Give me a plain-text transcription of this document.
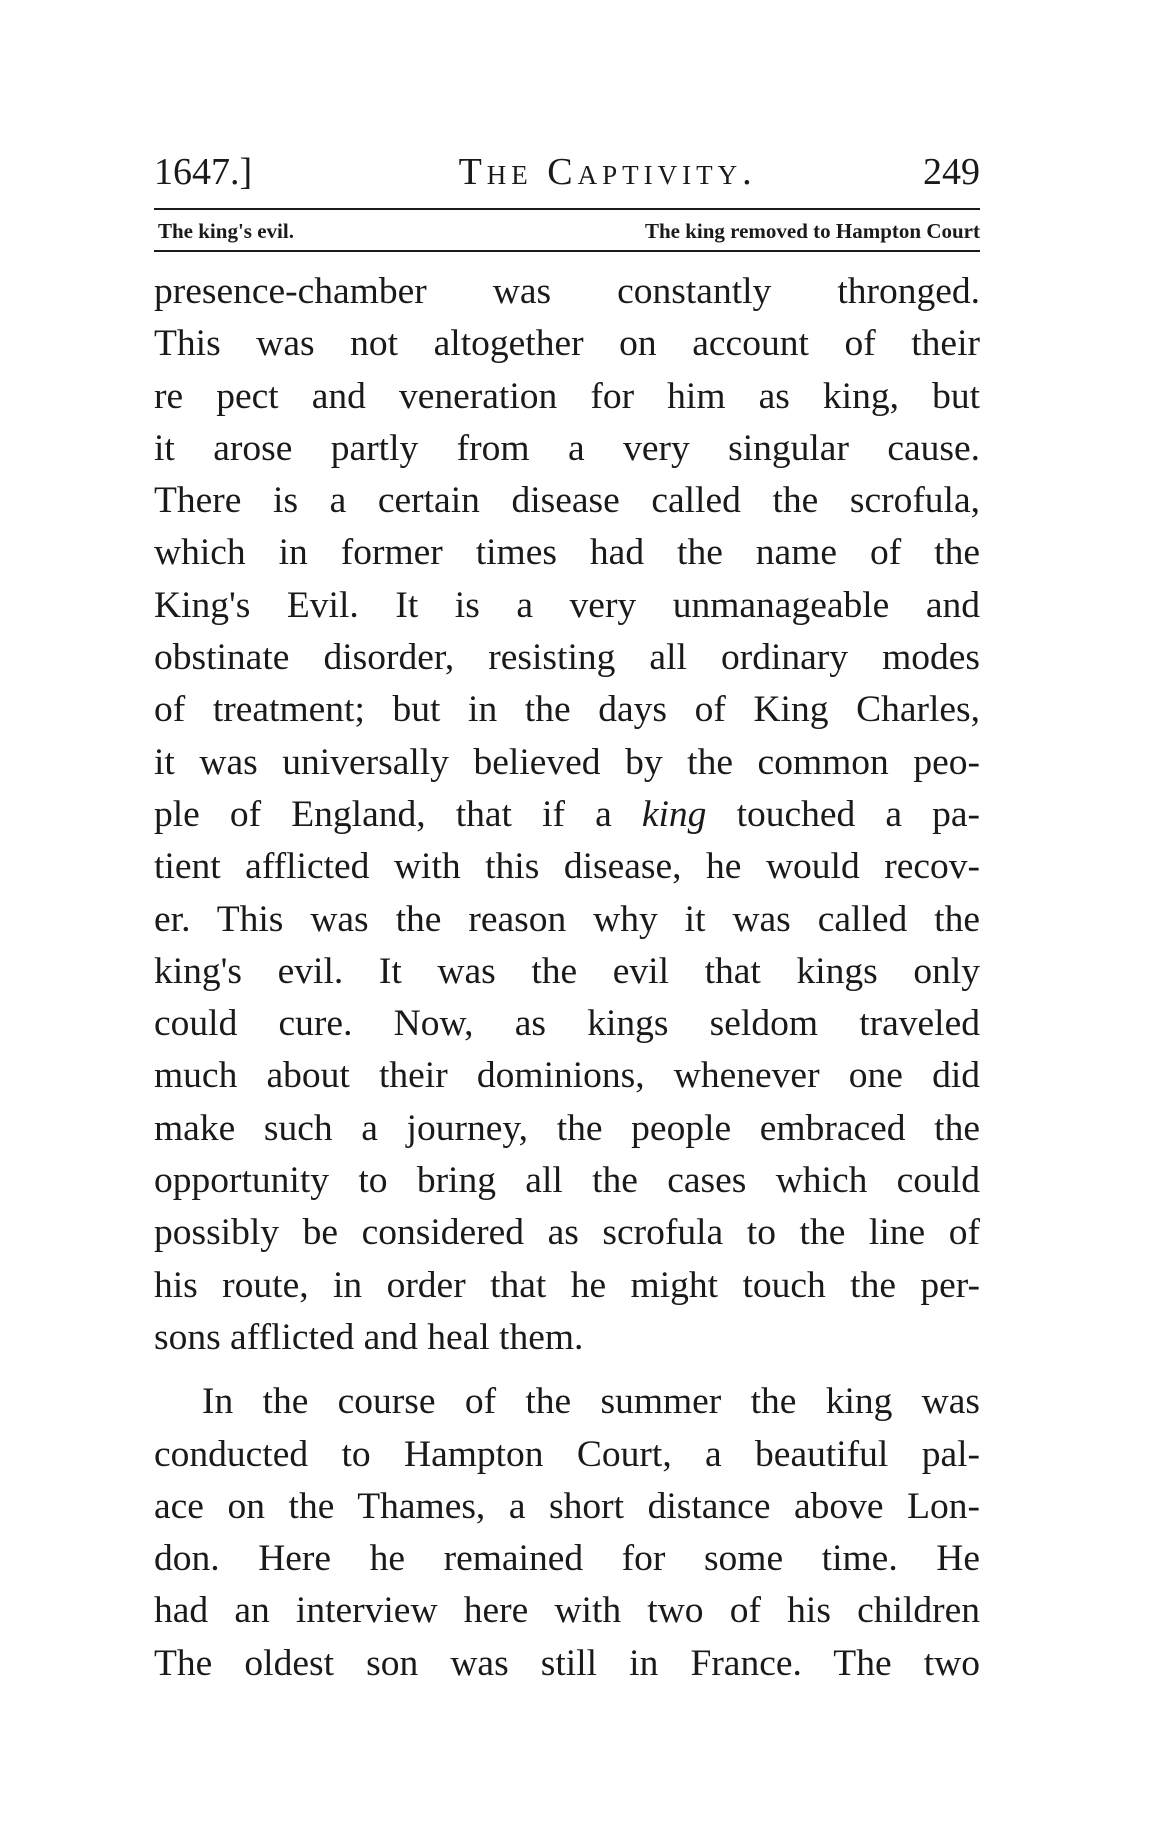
1647.]	The Captivity.	249
The king's evil.	The king removed to Hampton Court
presence-chamber was constantly thronged.
This was not altogether on account of their
re pect and veneration for him as king, but
it arose partly from a very singular cause.
There is a certain disease called the scrofula,
which in former times had the name of the
King's Evil. It is a very unmanageable and
obstinate disorder, resisting all ordinary modes
of treatment; but in the days of King Charles,
it was universally believed by the common peo-
ple of England, that if a king touched a pa-
tient afflicted with this disease, he would recov-
er. This was the reason why it was called the
king's evil. It was the evil that kings only
could cure. Now, as kings seldom traveled
much about their dominions, whenever one did
make such a journey, the people embraced the
opportunity to bring all the cases which could
possibly be considered as scrofula to the line of
his route, in order that he might touch the per-
sons afflicted and heal them.
In the course of the summer the king was
conducted to Hampton Court, a beautiful pal-
ace on the Thames, a short distance above Lon-
don. Here he remained for some time. He
had an interview here with two of his children
The oldest son was still in France. The two
